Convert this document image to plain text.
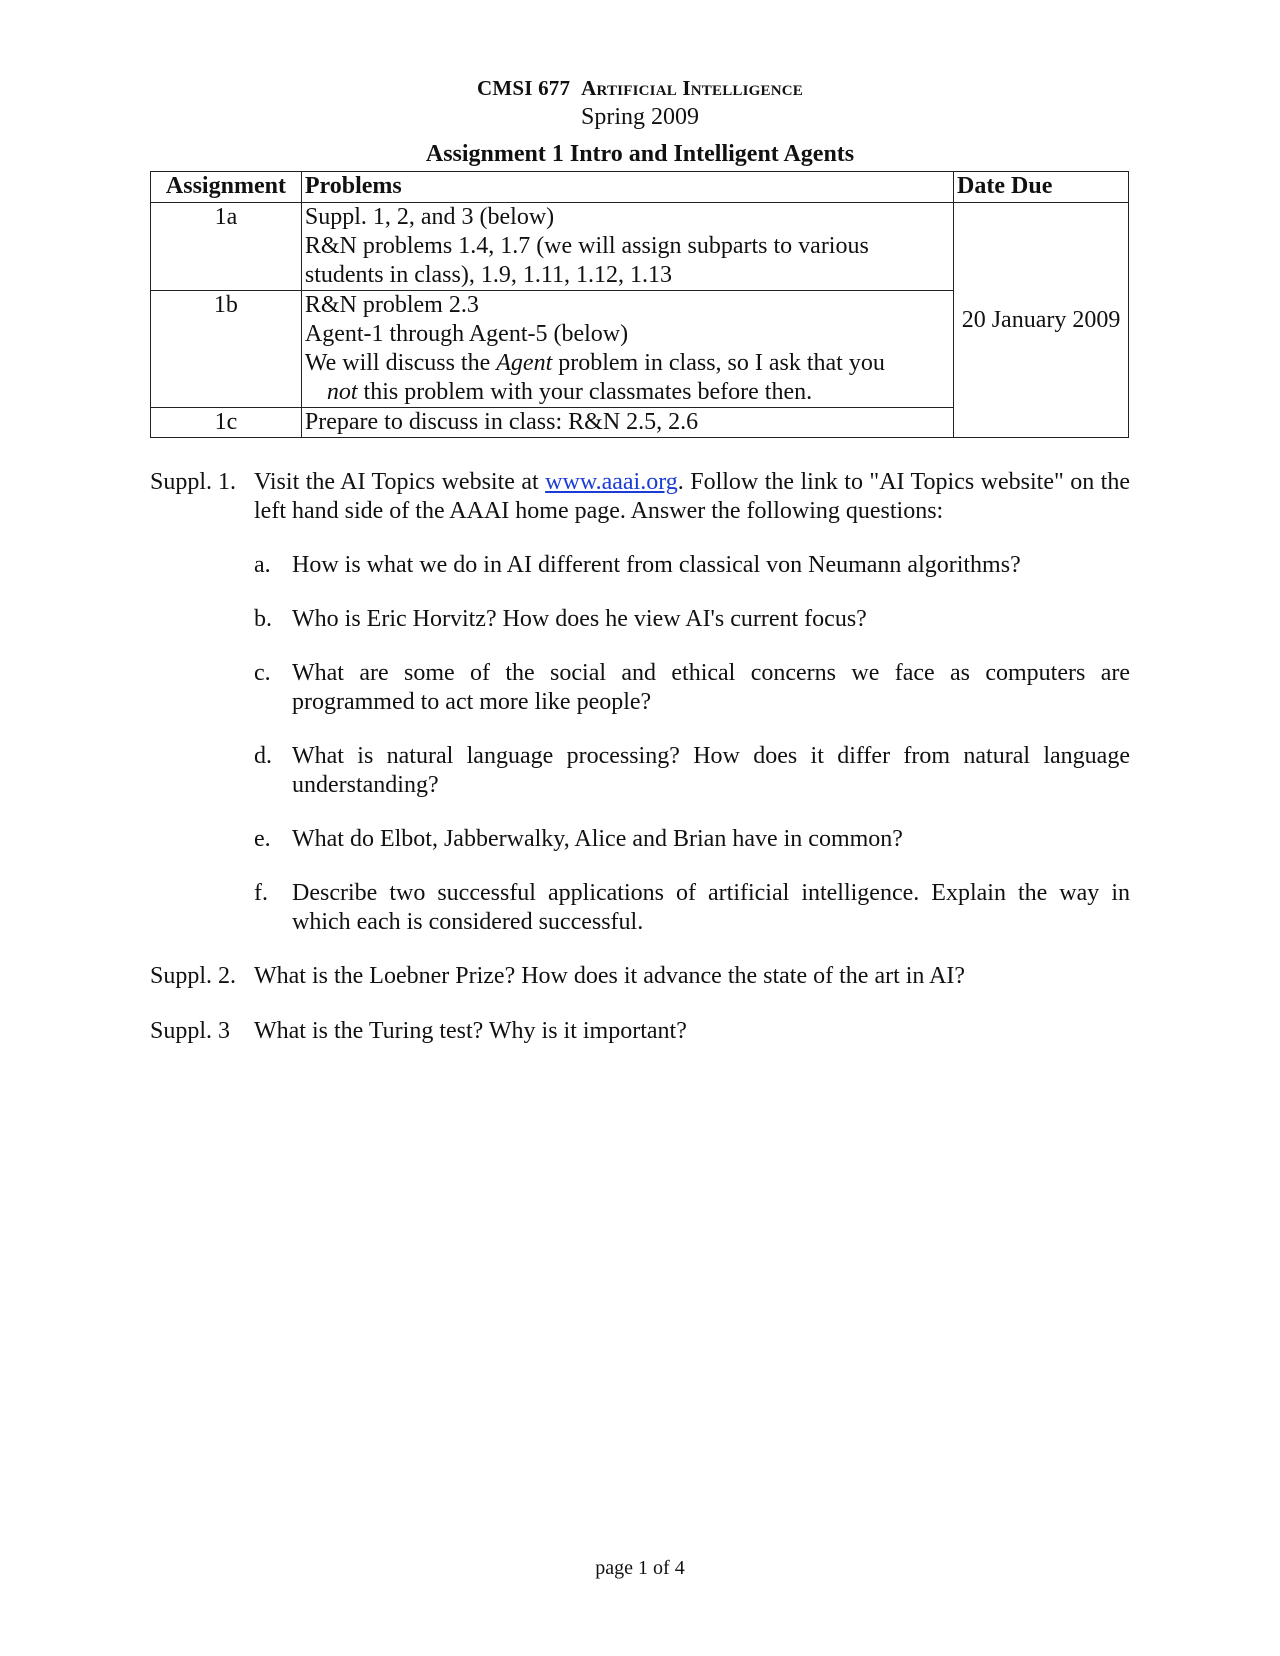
CMSI 677 Artificial Intelligence
Spring 2009
Assignment 1 Intro and Intelligent Agents
Assignment	Problems	Date Due
1a	Suppl. 1, 2, and 3 (below)
R&N problems 1.4, 1.7 (we will assign subparts to various
students in class), 1.9, 1.11, 1.12, 1.13	20 January 2009
1b	R&N problem 2.3
Agent-1 through Agent-5 (below)
We will discuss the Agent problem in class, so I ask that you
not this problem with your classmates before then.	

1c	Prepare to discuss in class: R&N 2.5, 2.6	
Suppl. 1. Visit the AI Topics website at www.aaai.org. Follow the link to "AI Topics website" on the left hand side of the AAAI home page. Answer the following questions:
a. How is what we do in AI different from classical von Neumann algorithms?
b. Who is Eric Horvitz? How does he view AI's current focus?
c. What are some of the social and ethical concerns we face as computers are programmed to act more like people?
d. What is natural language processing? How does it differ from natural language understanding?
e. What do Elbot, Jabberwalky, Alice and Brian have in common?
f. Describe two successful applications of artificial intelligence. Explain the way in which each is considered successful.
Suppl. 2. What is the Loebner Prize? How does it advance the state of the art in AI?
Suppl. 3 What is the Turing test? Why is it important?
page 1 of 4
